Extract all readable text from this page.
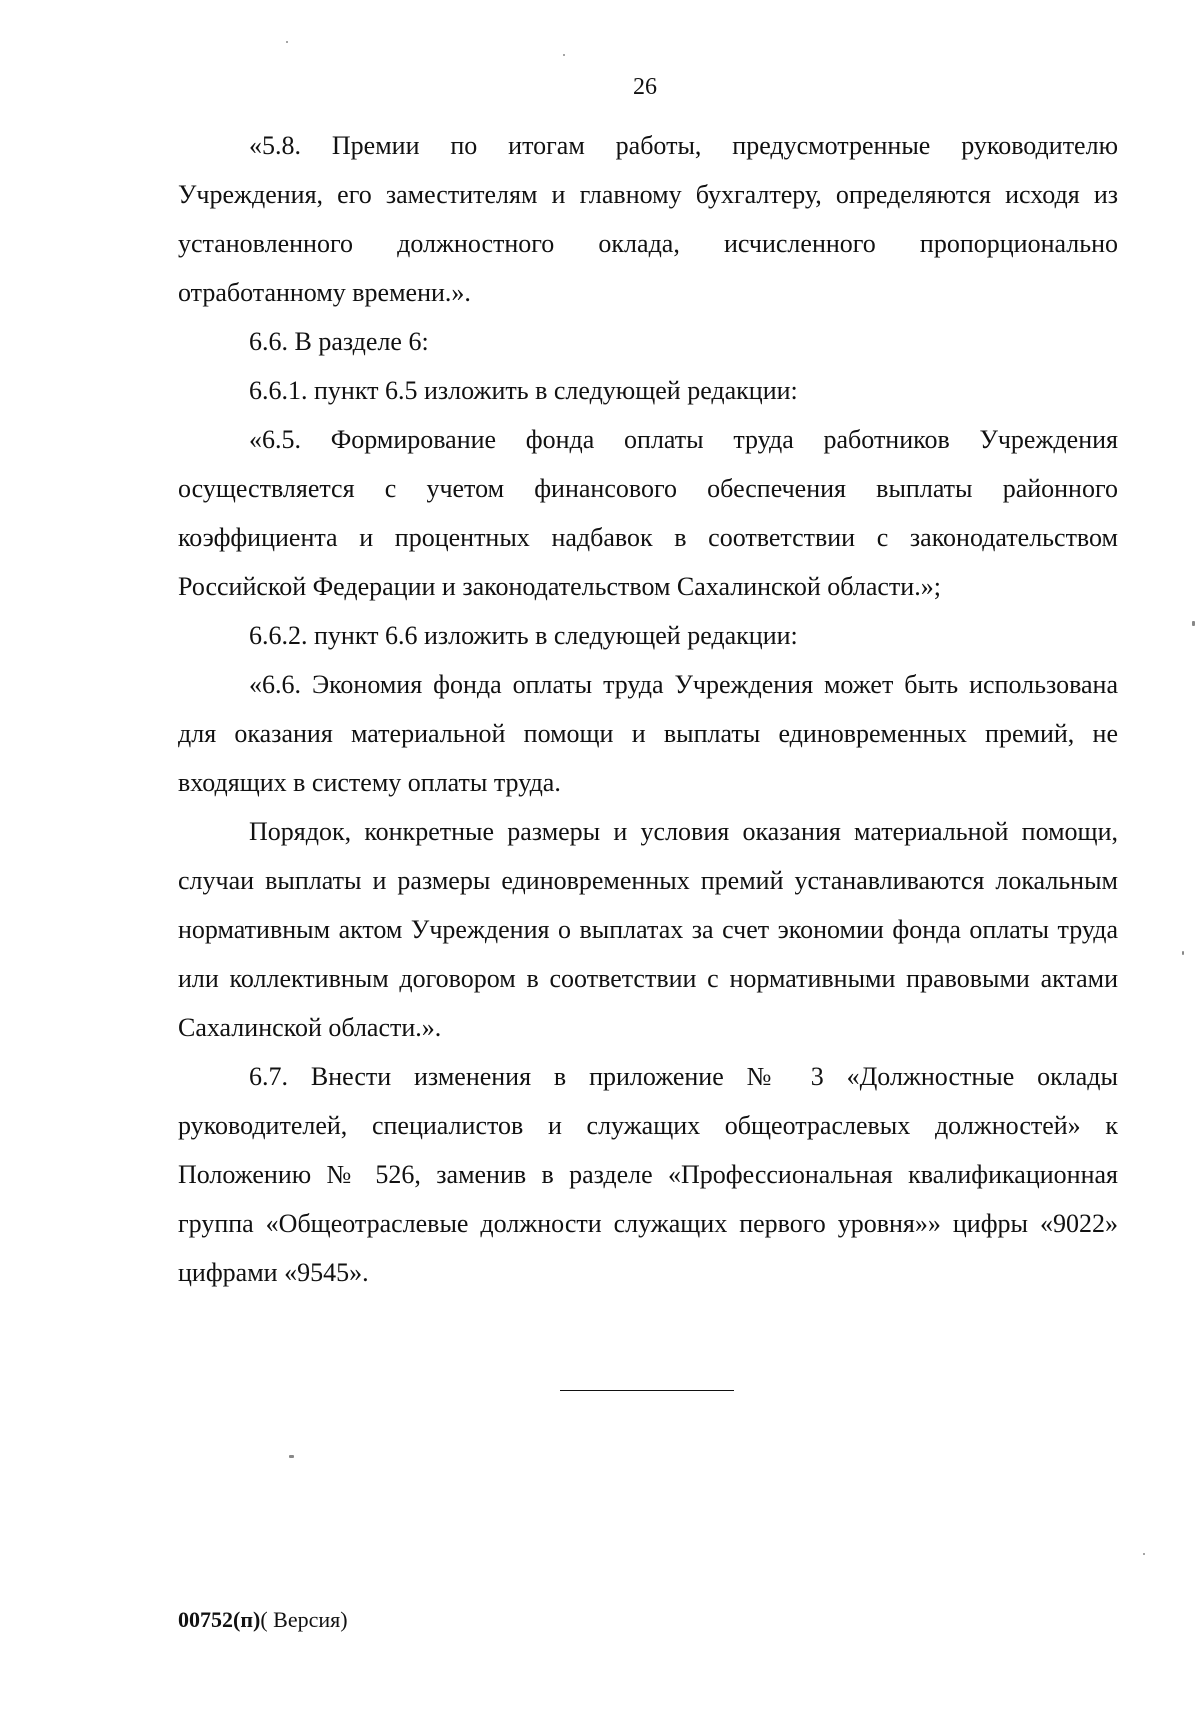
26

«5.8. Премии по итогам работы, предусмотренные руководителю Учреждения, его заместителям и главному бухгалтеру, определяются исходя из установленного должностного оклада, исчисленного пропорционально отработанному времени.».

6.6. В разделе 6:

6.6.1. пункт 6.5 изложить в следующей редакции:

«6.5. Формирование фонда оплаты труда работников Учреждения осуществляется с учетом финансового обеспечения выплаты районного коэффициента и процентных надбавок в соответствии с законодательством Российской Федерации и законодательством Сахалинской области.»;

6.6.2. пункт 6.6 изложить в следующей редакции:

«6.6. Экономия фонда оплаты труда Учреждения может быть использована для оказания материальной помощи и выплаты единовременных премий, не входящих в систему оплаты труда.

Порядок, конкретные размеры и условия оказания материальной помощи, случаи выплаты и размеры единовременных премий устанавливаются локальным нормативным актом Учреждения о выплатах за счет экономии фонда оплаты труда или коллективным договором в соответствии с нормативными правовыми актами Сахалинской области.».

6.7. Внести изменения в приложение № 3 «Должностные оклады руководителей, специалистов и служащих общеотраслевых должностей» к Положению № 526, заменив в разделе «Профессиональная квалификационная группа «Общеотраслевые должности служащих первого уровня»» цифры «9022» цифрами «9545».

00752(п)( Версия)
